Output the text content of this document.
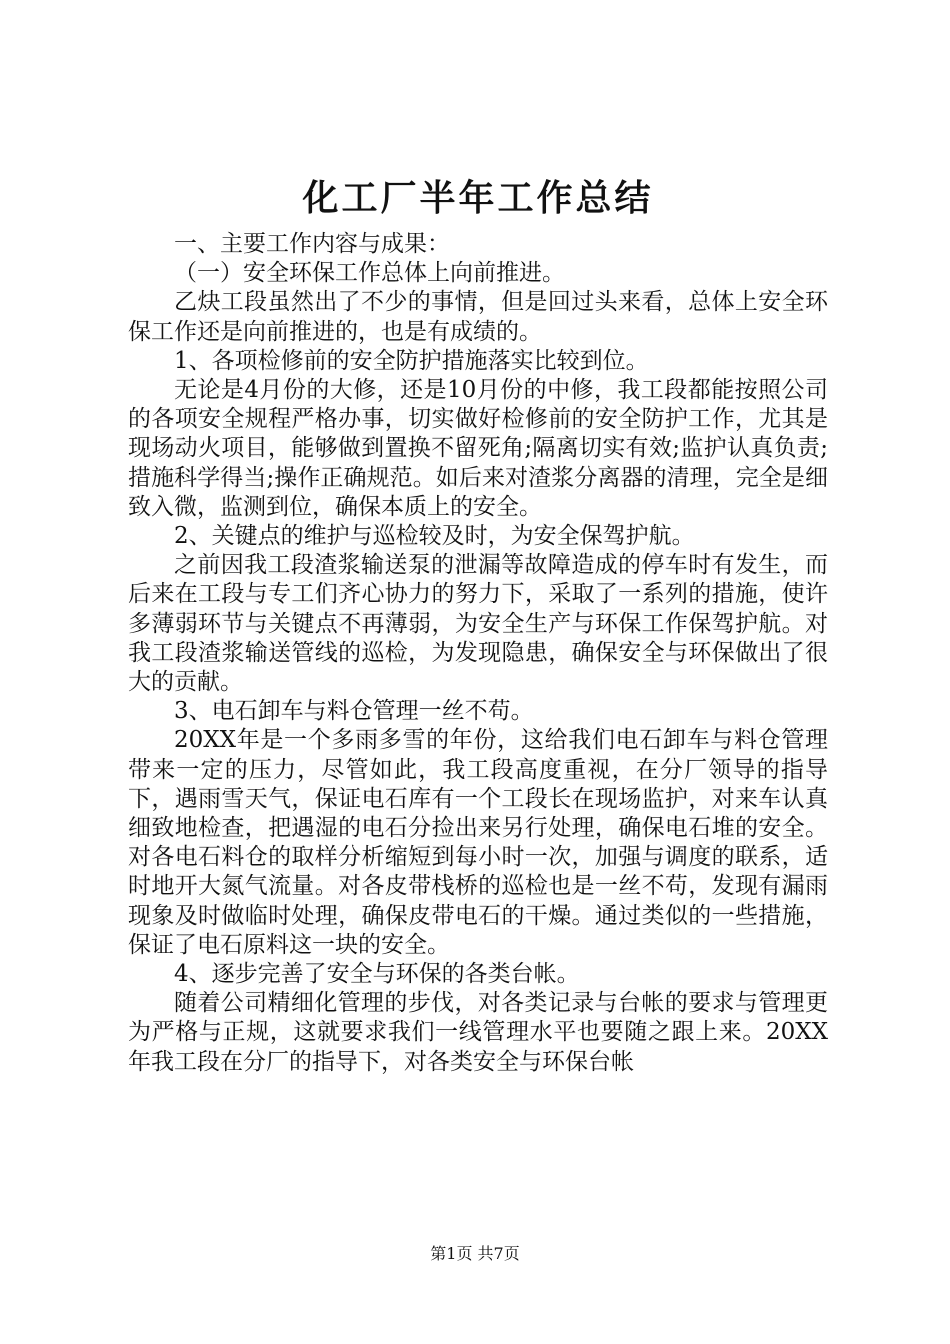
化工厂半年工作总结

一、主要工作内容与成果：

（一）安全环保工作总体上向前推进。

乙炔工段虽然出了不少的事情，但是回过头来看，总体上安全环保工作还是向前推进的，也是有成绩的。

1、各项检修前的安全防护措施落实比较到位。

无论是4月份的大修，还是10月份的中修，我工段都能按照公司的各项安全规程严格办事，切实做好检修前的安全防护工作，尤其是现场动火项目，能够做到置换不留死角;隔离切实有效;监护认真负责;措施科学得当;操作正确规范。如后来对渣浆分离器的清理，完全是细致入微，监测到位，确保本质上的安全。

2、关键点的维护与巡检较及时，为安全保驾护航。

之前因我工段渣浆输送泵的泄漏等故障造成的停车时有发生，而后来在工段与专工们齐心协力的努力下，采取了一系列的措施，使许多薄弱环节与关键点不再薄弱，为安全生产与环保工作保驾护航。对我工段渣浆输送管线的巡检，为发现隐患，确保安全与环保做出了很大的贡献。

3、电石卸车与料仓管理一丝不苟。

20XX年是一个多雨多雪的年份，这给我们电石卸车与料仓管理带来一定的压力，尽管如此，我工段高度重视，在分厂领导的指导下，遇雨雪天气，保证电石库有一个工段长在现场监护，对来车认真细致地检查，把遇湿的电石分捡出来另行处理，确保电石堆的安全。对各电石料仓的取样分析缩短到每小时一次，加强与调度的联系，适时地开大氮气流量。对各皮带栈桥的巡检也是一丝不苟，发现有漏雨现象及时做临时处理，确保皮带电石的干燥。通过类似的一些措施，保证了电石原料这一块的安全。

4、逐步完善了安全与环保的各类台帐。

随着公司精细化管理的步伐，对各类记录与台帐的要求与管理更为严格与正规，这就要求我们一线管理水平也要随之跟上来。20XX年我工段在分厂的指导下，对各类安全与环保台帐

第1页 共7页
